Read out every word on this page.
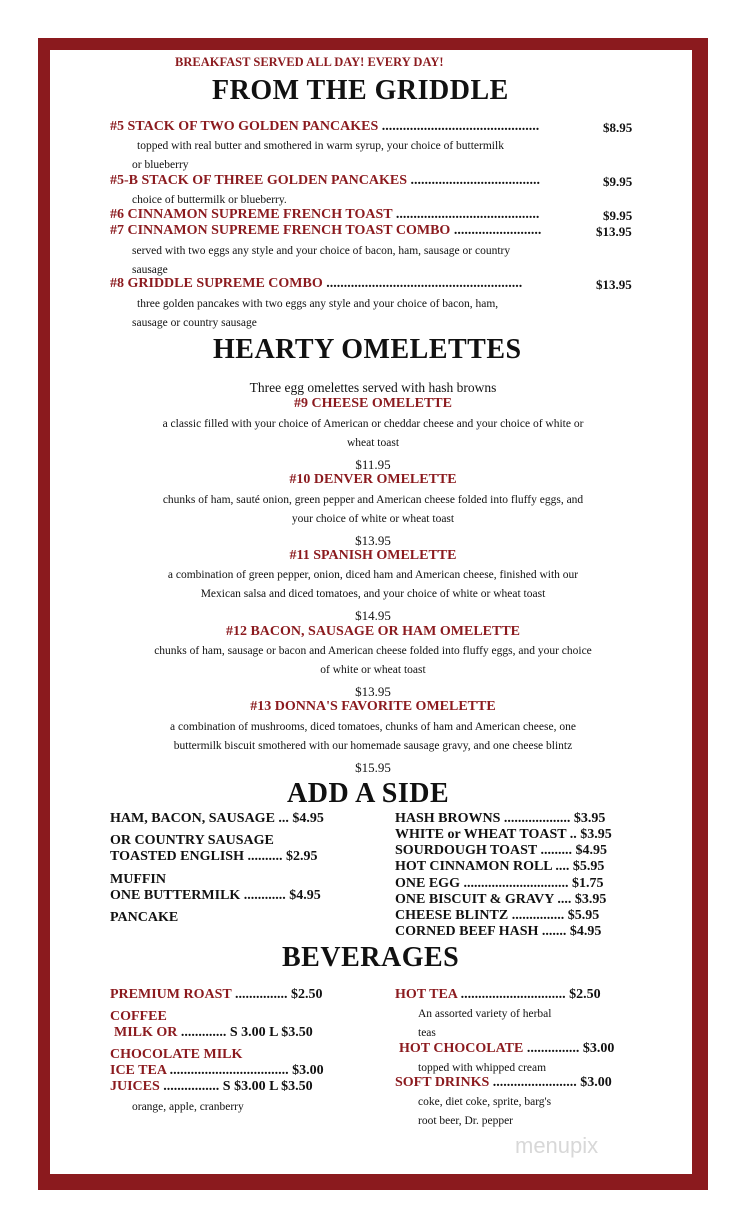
BREAKFAST SERVED ALL DAY! EVERY DAY!
FROM THE GRIDDLE
#5 STACK OF TWO GOLDEN PANCAKES .............................................	$8.95
topped with real butter and smothered in warm syrup, your choice of buttermilk
or blueberry
#5-B STACK OF THREE GOLDEN PANCAKES .....................................	$9.95
choice of buttermilk or blueberry.
#6 CINNAMON SUPREME FRENCH TOAST .........................................	$9.95
#7 CINNAMON SUPREME FRENCH TOAST COMBO .........................	$13.95
served with two eggs any style and your choice of bacon, ham, sausage or country
sausage
#8 GRIDDLE SUPREME COMBO ........................................................	$13.95
three golden pancakes with two eggs any style and your choice of bacon, ham,
sausage or country sausage
HEARTY OMELETTES
Three egg omelettes served with hash browns
#9 CHEESE OMELETTE
a classic filled with your choice of American or cheddar cheese and your choice of white or
wheat toast
$11.95
#10 DENVER OMELETTE
chunks of ham, sauté onion, green pepper and American cheese folded into fluffy eggs, and
your choice of white or wheat toast
$13.95
#11 SPANISH OMELETTE
a combination of green pepper, onion, diced ham and American cheese, finished with our
Mexican salsa and diced tomatoes, and your choice of white or wheat toast
$14.95
#12 BACON, SAUSAGE OR HAM OMELETTE
chunks of ham, sausage or bacon and American cheese folded into fluffy eggs, and your choice
of white or wheat toast
$13.95
#13 DONNA'S FAVORITE OMELETTE
a combination of mushrooms, diced tomatoes, chunks of ham and American cheese, one
buttermilk biscuit smothered with our homemade sausage gravy, and one cheese blintz
$15.95
ADD A SIDE
HAM, BACON, SAUSAGE ... $4.95
OR COUNTRY SAUSAGE
TOASTED ENGLISH .......... $2.95
MUFFIN
ONE BUTTERMILK ............ $4.95
PANCAKE
HASH BROWNS ................... $3.95
WHITE or WHEAT TOAST .. $3.95
SOURDOUGH TOAST ......... $4.95
HOT CINNAMON ROLL .... $5.95
ONE EGG .............................. $1.75
ONE BISCUIT & GRAVY .... $3.95
CHEESE BLINTZ ............... $5.95
CORNED BEEF HASH ....... $4.95
BEVERAGES
PREMIUM ROAST ............... $2.50
COFFEE
MILK OR ............. S 3.00 L $3.50
CHOCOLATE MILK
ICE TEA .................................. $3.00
JUICES ................ S $3.00 L $3.50
orange, apple, cranberry
HOT TEA .............................. $2.50
An assorted variety of herbal
teas
HOT CHOCOLATE ............... $3.00
topped with whipped cream
SOFT DRINKS ........................ $3.00
coke, diet coke, sprite, barg's
root beer, Dr. pepper
menupix
